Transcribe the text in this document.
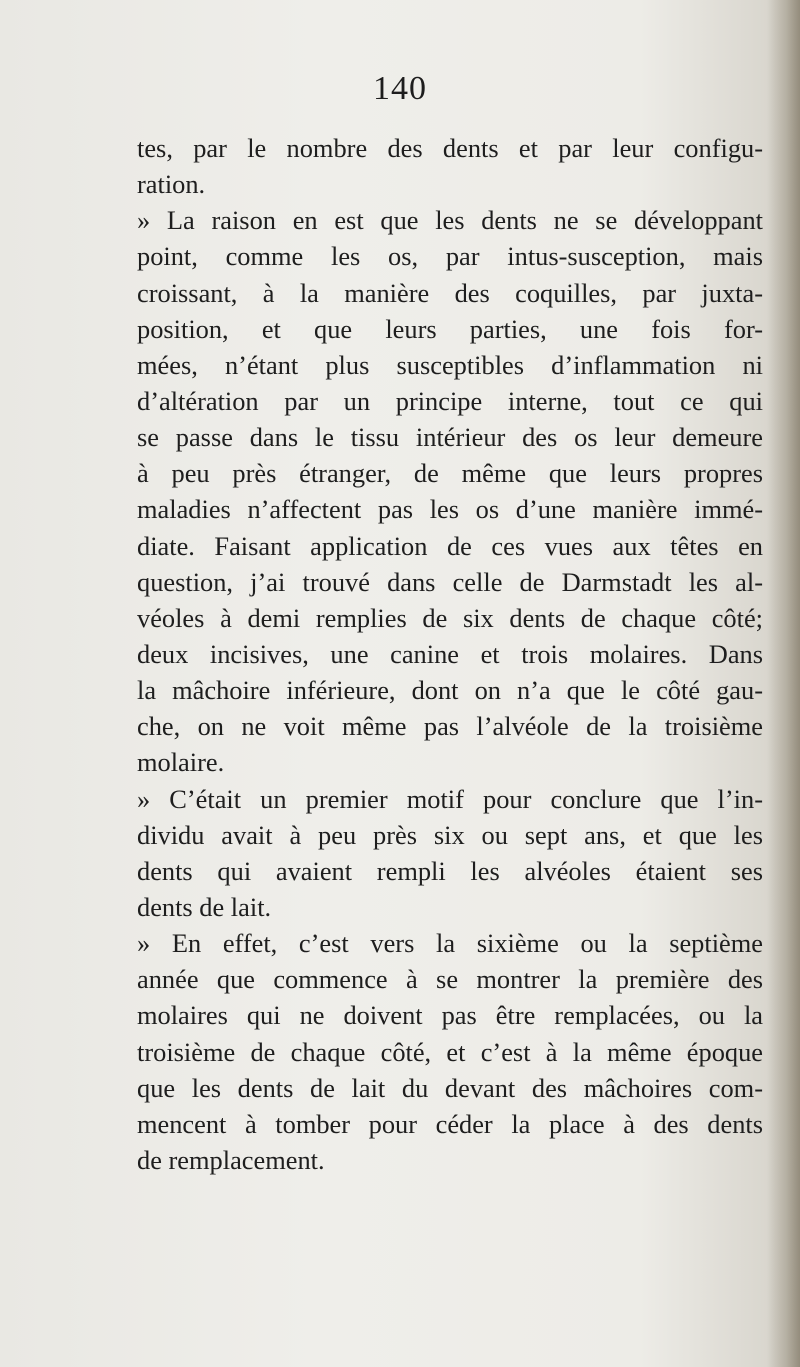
140
tes, par le nombre des dents et par leur configu-
ration.
» La raison en est que les dents ne se développant
point, comme les os, par intus-susception, mais
croissant, à la manière des coquilles, par juxta-
position, et que leurs parties, une fois for-
mées, n’étant plus susceptibles d’inflammation ni
d’altération par un principe interne, tout ce qui
se passe dans le tissu intérieur des os leur demeure
à peu près étranger, de même que leurs propres
maladies n’affectent pas les os d’une manière immé-
diate. Faisant application de ces vues aux têtes en
question, j’ai trouvé dans celle de Darmstadt les al-
véoles à demi remplies de six dents de chaque côté;
deux incisives, une canine et trois molaires. Dans
la mâchoire inférieure, dont on n’a que le côté gau-
che, on ne voit même pas l’alvéole de la troisième
molaire.
» C’était un premier motif pour conclure que l’in-
dividu avait à peu près six ou sept ans, et que les
dents qui avaient rempli les alvéoles étaient ses
dents de lait.
» En effet, c’est vers la sixième ou la septième
année que commence à se montrer la première des
molaires qui ne doivent pas être remplacées, ou la
troisième de chaque côté, et c’est à la même époque
que les dents de lait du devant des mâchoires com-
mencent à tomber pour céder la place à des dents
de remplacement.
